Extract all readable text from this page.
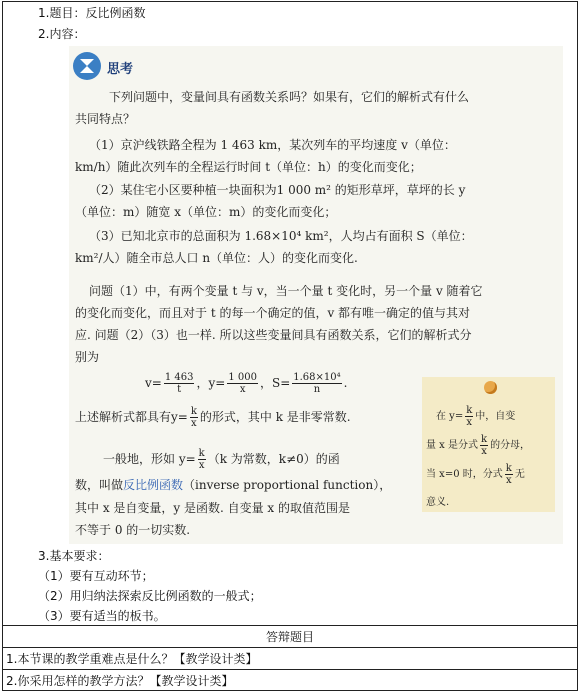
1.题目：反比例函数
2.内容：
思考
下列问题中，变量间具有函数关系吗？如果有，它们的解析式有什么
共同特点？
（1）京沪线铁路全程为 1 463 km，某次列车的平均速度 v（单位：
km/h）随此次列车的全程运行时间 t（单位：h）的变化而变化；
（2）某住宅小区要种植一块面积为1 000 m² 的矩形草坪，草坪的长 y
（单位：m）随宽 x（单位：m）的变化而变化；
（3）已知北京市的总面积为 1.68×10⁴ km²，人均占有面积 S（单位：
km²/人）随全市总人口 n（单位：人）的变化而变化.
问题（1）中，有两个变量 t 与 v，当一个量 t 变化时，另一个量 v 随着它
的变化而变化，而且对于 t 的每一个确定的值，v 都有唯一确定的值与其对
应. 问题（2）（3）也一样. 所以这些变量间具有函数关系，它们的解析式分
别为
$v= \frac{1 463}{t}$ ，$y= \frac{1 000}{x}$ ，$S= \frac{\text{1.68×10⁴}}{n}$ .
上述解析式都具有$y= \frac{k}{x}$ 的形式，其中 k 是非零常数.
一般地，形如 $y= \frac{k}{x} (k$ 为常数，k≠0）的函
数，叫做反比例函数（inverse proportional function），
其中 x 是自变量，y 是函数. 自变量 x 的取值范围是
不等于 0 的一切实数.
在 $y= \frac{k}{x}$ 中，自变
量 x 是分式 $\frac{k}{x}$ 的分母，
当 x=0 时，分式 $\frac{k}{x}$ 无
意义.
3.基本要求：
（1）要有互动环节；
（2）用归纳法探索反比例函数的一般式；
（3）要有适当的板书。
答辩题目
1.本节课的教学重难点是什么？【教学设计类】
2.你采用怎样的教学方法？【教学设计类】
